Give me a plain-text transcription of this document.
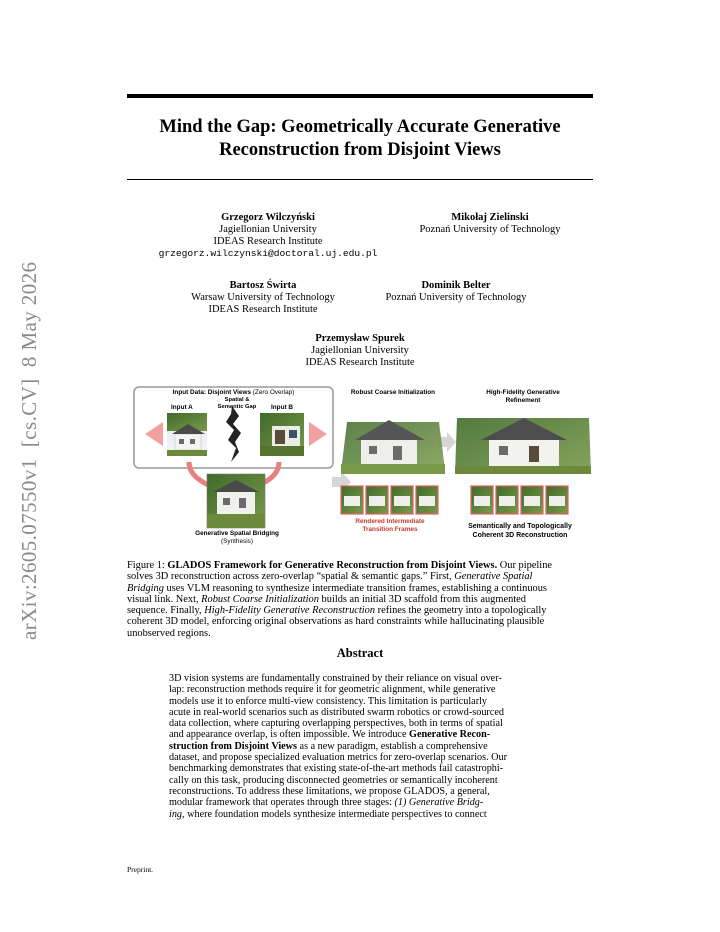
arXiv:2605.07550v1  [cs.CV]  8 May 2026
Mind the Gap: Geometrically Accurate Generative
Reconstruction from Disjoint Views
Grzegorz Wilczyński
Jagiellonian University
IDEAS Research Institute
grzegorz.wilczynski@doctoral.uj.edu.pl
Mikołaj Zielinski
Poznań University of Technology
Bartosz Świrta
Warsaw University of Technology
IDEAS Research Institute
Dominik Belter
Poznań University of Technology
Przemysław Spurek
Jagiellonian University
IDEAS Research Institute
Input Data: Disjoint Views (Zero Overlap)
Input A	Input B
Spatial &
Semantic Gap
Generative Spatial Bridging
(Synthesis)
Robust Coarse Initialization	High-Fidelity Generative
Refinement
Rendered Intermediate
Transition Frames	Semantically and Topologically
Coherent 3D Reconstruction
Figure 1: GLADOS Framework for Generative Reconstruction from Disjoint Views. Our pipeline
solves 3D reconstruction across zero-overlap “spatial & semantic gaps.” First, Generative Spatial
Bridging uses VLM reasoning to synthesize intermediate transition frames, establishing a continuous
visual link. Next, Robust Coarse Initialization builds an initial 3D scaffold from this augmented
sequence. Finally, High-Fidelity Generative Reconstruction refines the geometry into a topologically
coherent 3D model, enforcing original observations as hard constraints while hallucinating plausible
unobserved regions.
Abstract
3D vision systems are fundamentally constrained by their reliance on visual over-
lap: reconstruction methods require it for geometric alignment, while generative
models use it to enforce multi-view consistency. This limitation is particularly
acute in real-world scenarios such as distributed swarm robotics or crowd-sourced
data collection, where capturing overlapping perspectives, both in terms of spatial
and appearance overlap, is often impossible. We introduce Generative Recon-
struction from Disjoint Views as a new paradigm, establish a comprehensive
dataset, and propose specialized evaluation metrics for zero-overlap scenarios. Our
benchmarking demonstrates that existing state-of-the-art methods fail catastrophi-
cally on this task, producing disconnected geometries or semantically incoherent
reconstructions. To address these limitations, we propose GLADOS, a general,
modular framework that operates through three stages: (1) Generative Bridg-
ing, where foundation models synthesize intermediate perspectives to connect
Preprint.
